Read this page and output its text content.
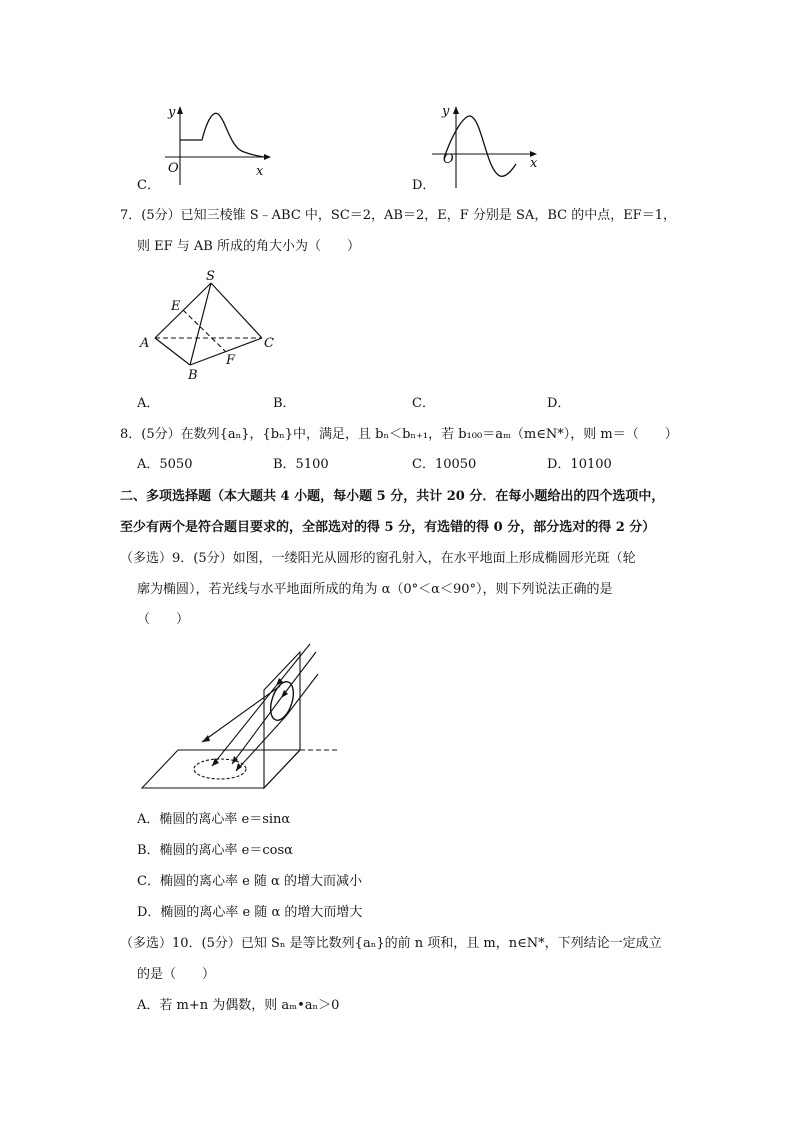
y
O	x
C．
y
O	x
D．
7．(5分）已知三棱锥 S﹣ABC 中，SC＝2，AB＝2，E，F 分别是 SA，BC 的中点，EF＝1，
则 EF 与 AB 所成的角大小为（　　）
S
E
A	C
F
B
A．	B．	C．	D．
8．(5分）在数列{aₙ}，{bₙ}中，满足，且 bₙ＜bₙ₊₁，若 b₁₀₀＝aₘ（m∈N*），则 m＝（　　）
A．5050	B．5100	C．10050	D．10100
二、多项选择题（本大题共 4 小题，每小题 5 分，共计 20 分．在每小题给出的四个选项中，
至少有两个是符合题目要求的，全部选对的得 5 分，有选错的得 0 分，部分选对的得 2 分）
（多选）9．(5分）如图，一缕阳光从圆形的窗孔射入，在水平地面上形成椭圆形光斑（轮
廓为椭圆），若光线与水平地面所成的角为 α（0°＜α＜90°），则下列说法正确的是
（　　）
A．椭圆的离心率 e＝sinα
B．椭圆的离心率 e＝cosα
C．椭圆的离心率 e 随 α 的增大而减小
D．椭圆的离心率 e 随 α 的增大而增大
（多选）10．(5分）已知 Sₙ 是等比数列{aₙ}的前 n 项和，且 m，n∈N*，下列结论一定成立
的是（　　）
A．若 m+n 为偶数，则 aₘ•aₙ＞0
